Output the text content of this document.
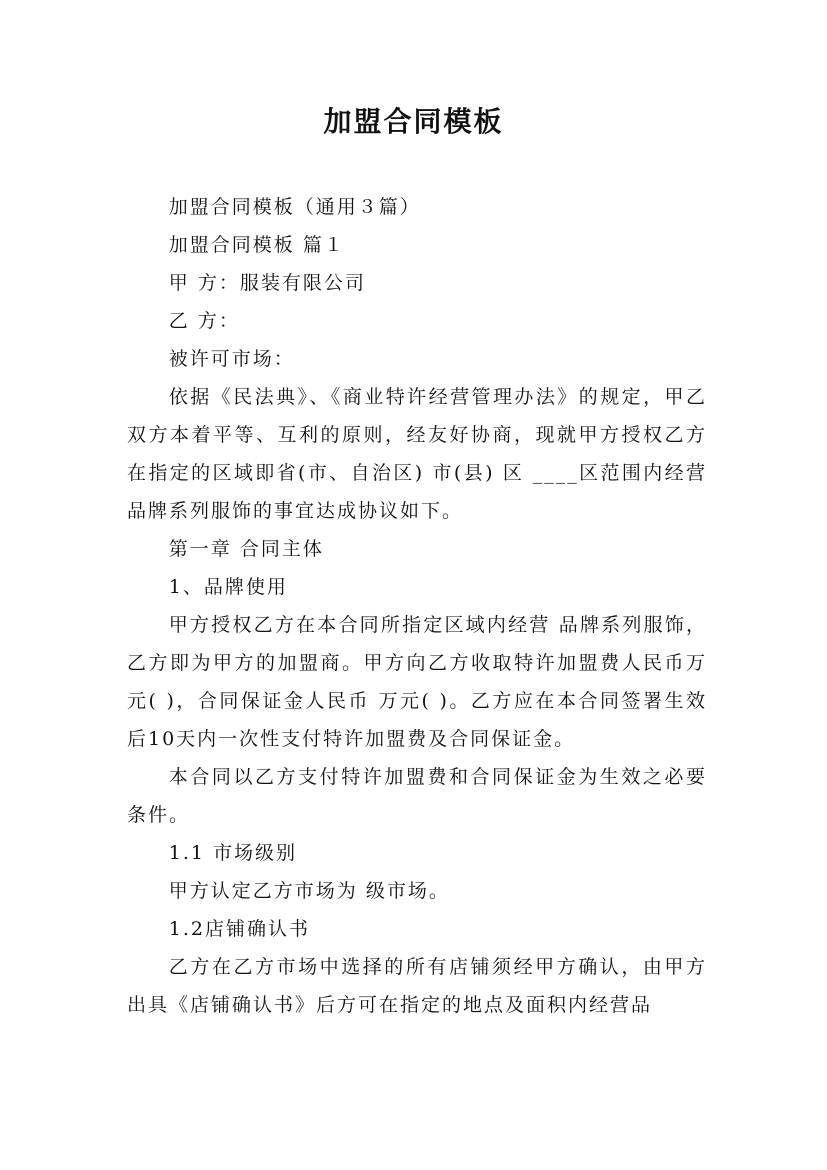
加盟合同模板

加盟合同模板（通用３篇）

加盟合同模板 篇１

甲 方：服装有限公司

乙 方：

被许可市场：

依据《民法典》、《商业特许经营管理办法》的规定，甲乙双方本着平等、互利的原则，经友好协商，现就甲方授权乙方在指定的区域即省(市、自治区) 市(县) 区 ____区范围内经营品牌系列服饰的事宜达成协议如下。

第一章 合同主体

1、品牌使用

甲方授权乙方在本合同所指定区域内经营 品牌系列服饰，乙方即为甲方的加盟商。甲方向乙方收取特许加盟费人民币万元( )，合同保证金人民币 万元( )。乙方应在本合同签署生效后10天内一次性支付特许加盟费及合同保证金。

本合同以乙方支付特许加盟费和合同保证金为生效之必要条件。

1.1 市场级别

甲方认定乙方市场为 级市场。

1.2店铺确认书

乙方在乙方市场中选择的所有店铺须经甲方确认，由甲方出具《店铺确认书》后方可在指定的地点及面积内经营品
